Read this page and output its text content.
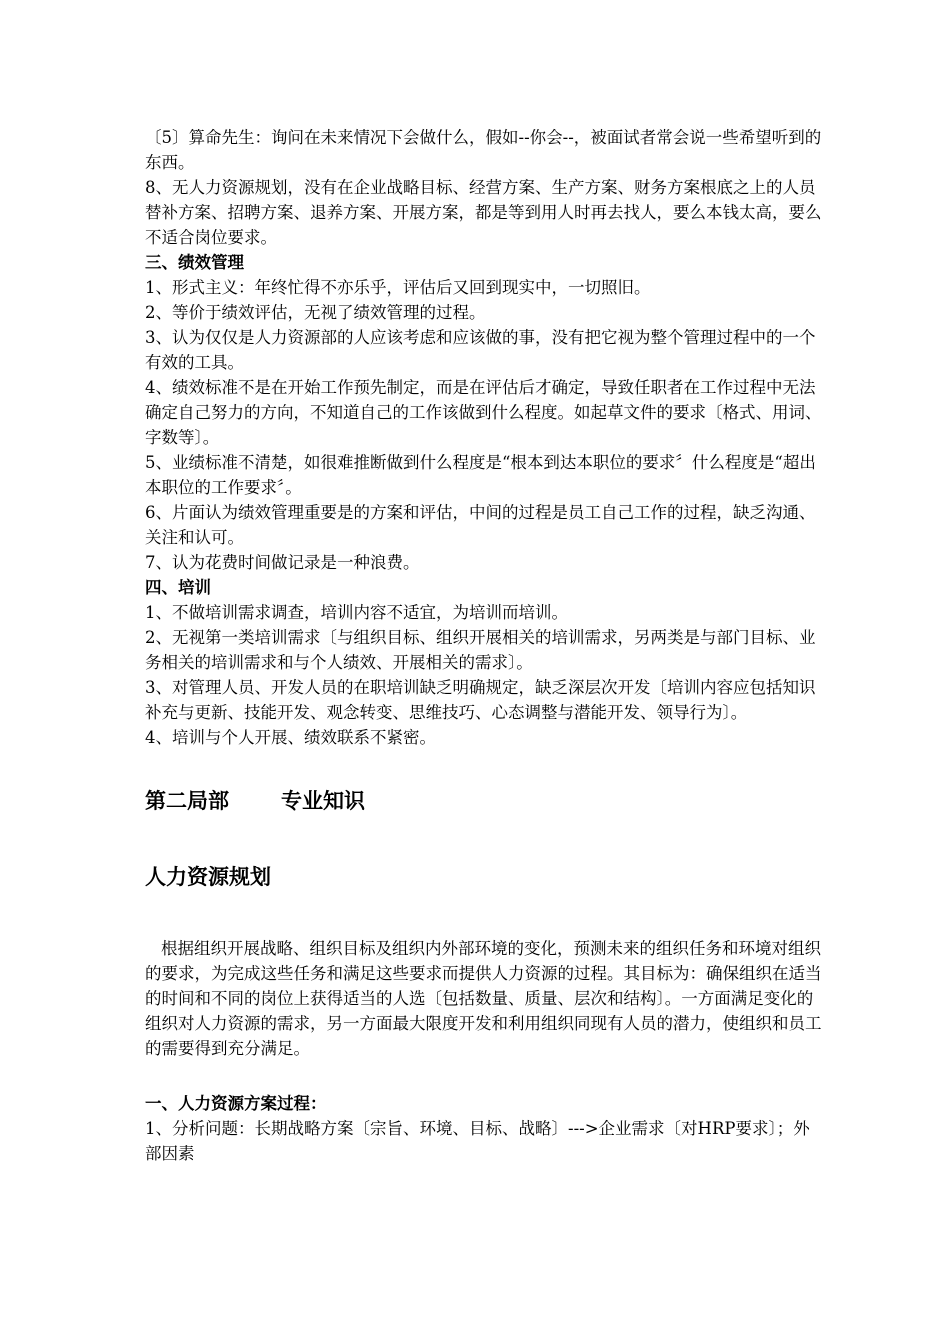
〔5〕算命先生：询问在未来情况下会做什么，假如--你会--，被面试者常会说一些希望听到的东西。

8、无人力资源规划，没有在企业战略目标、经营方案、生产方案、财务方案根底之上的人员替补方案、招聘方案、退养方案、开展方案，都是等到用人时再去找人，要么本钱太高，要么不适合岗位要求。

三、绩效管理

1、形式主义：年终忙得不亦乐乎，评估后又回到现实中，一切照旧。

2、等价于绩效评估，无视了绩效管理的过程。

3、认为仅仅是人力资源部的人应该考虑和应该做的事，没有把它视为整个管理过程中的一个有效的工具。

4、绩效标准不是在开始工作预先制定，而是在评估后才确定，导致任职者在工作过程中无法确定自己努力的方向，不知道自己的工作该做到什么程度。如起草文件的要求〔格式、用词、字数等〕。

5、业绩标准不清楚，如很难推断做到什么程度是“根本到达本职位的要求〞什么程度是“超出本职位的工作要求〞。

6、片面认为绩效管理重要是的方案和评估，中间的过程是员工自己工作的过程，缺乏沟通、关注和认可。

7、认为花费时间做记录是一种浪费。

四、培训

1、不做培训需求调查，培训内容不适宜，为培训而培训。

2、无视第一类培训需求〔与组织目标、组织开展相关的培训需求，另两类是与部门目标、业务相关的培训需求和与个人绩效、开展相关的需求〕。

3、对管理人员、开发人员的在职培训缺乏明确规定，缺乏深层次开发〔培训内容应包括知识补充与更新、技能开发、观念转变、思维技巧、心态调整与潜能开发、领导行为〕。

4、培训与个人开展、绩效联系不紧密。

第二局部 专业知识

人力资源规划

根据组织开展战略、组织目标及组织内外部环境的变化，预测未来的组织任务和环境对组织的要求，为完成这些任务和满足这些要求而提供人力资源的过程。其目标为：确保组织在适当的时间和不同的岗位上获得适当的人选〔包括数量、质量、层次和结构〕。一方面满足变化的组织对人力资源的需求，另一方面最大限度开发和利用组织同现有人员的潜力，使组织和员工的需要得到充分满足。

一、人力资源方案过程：

1、分析问题：长期战略方案〔宗旨、环境、目标、战略〕--->企业需求〔对HRP要求〕；外部因素
